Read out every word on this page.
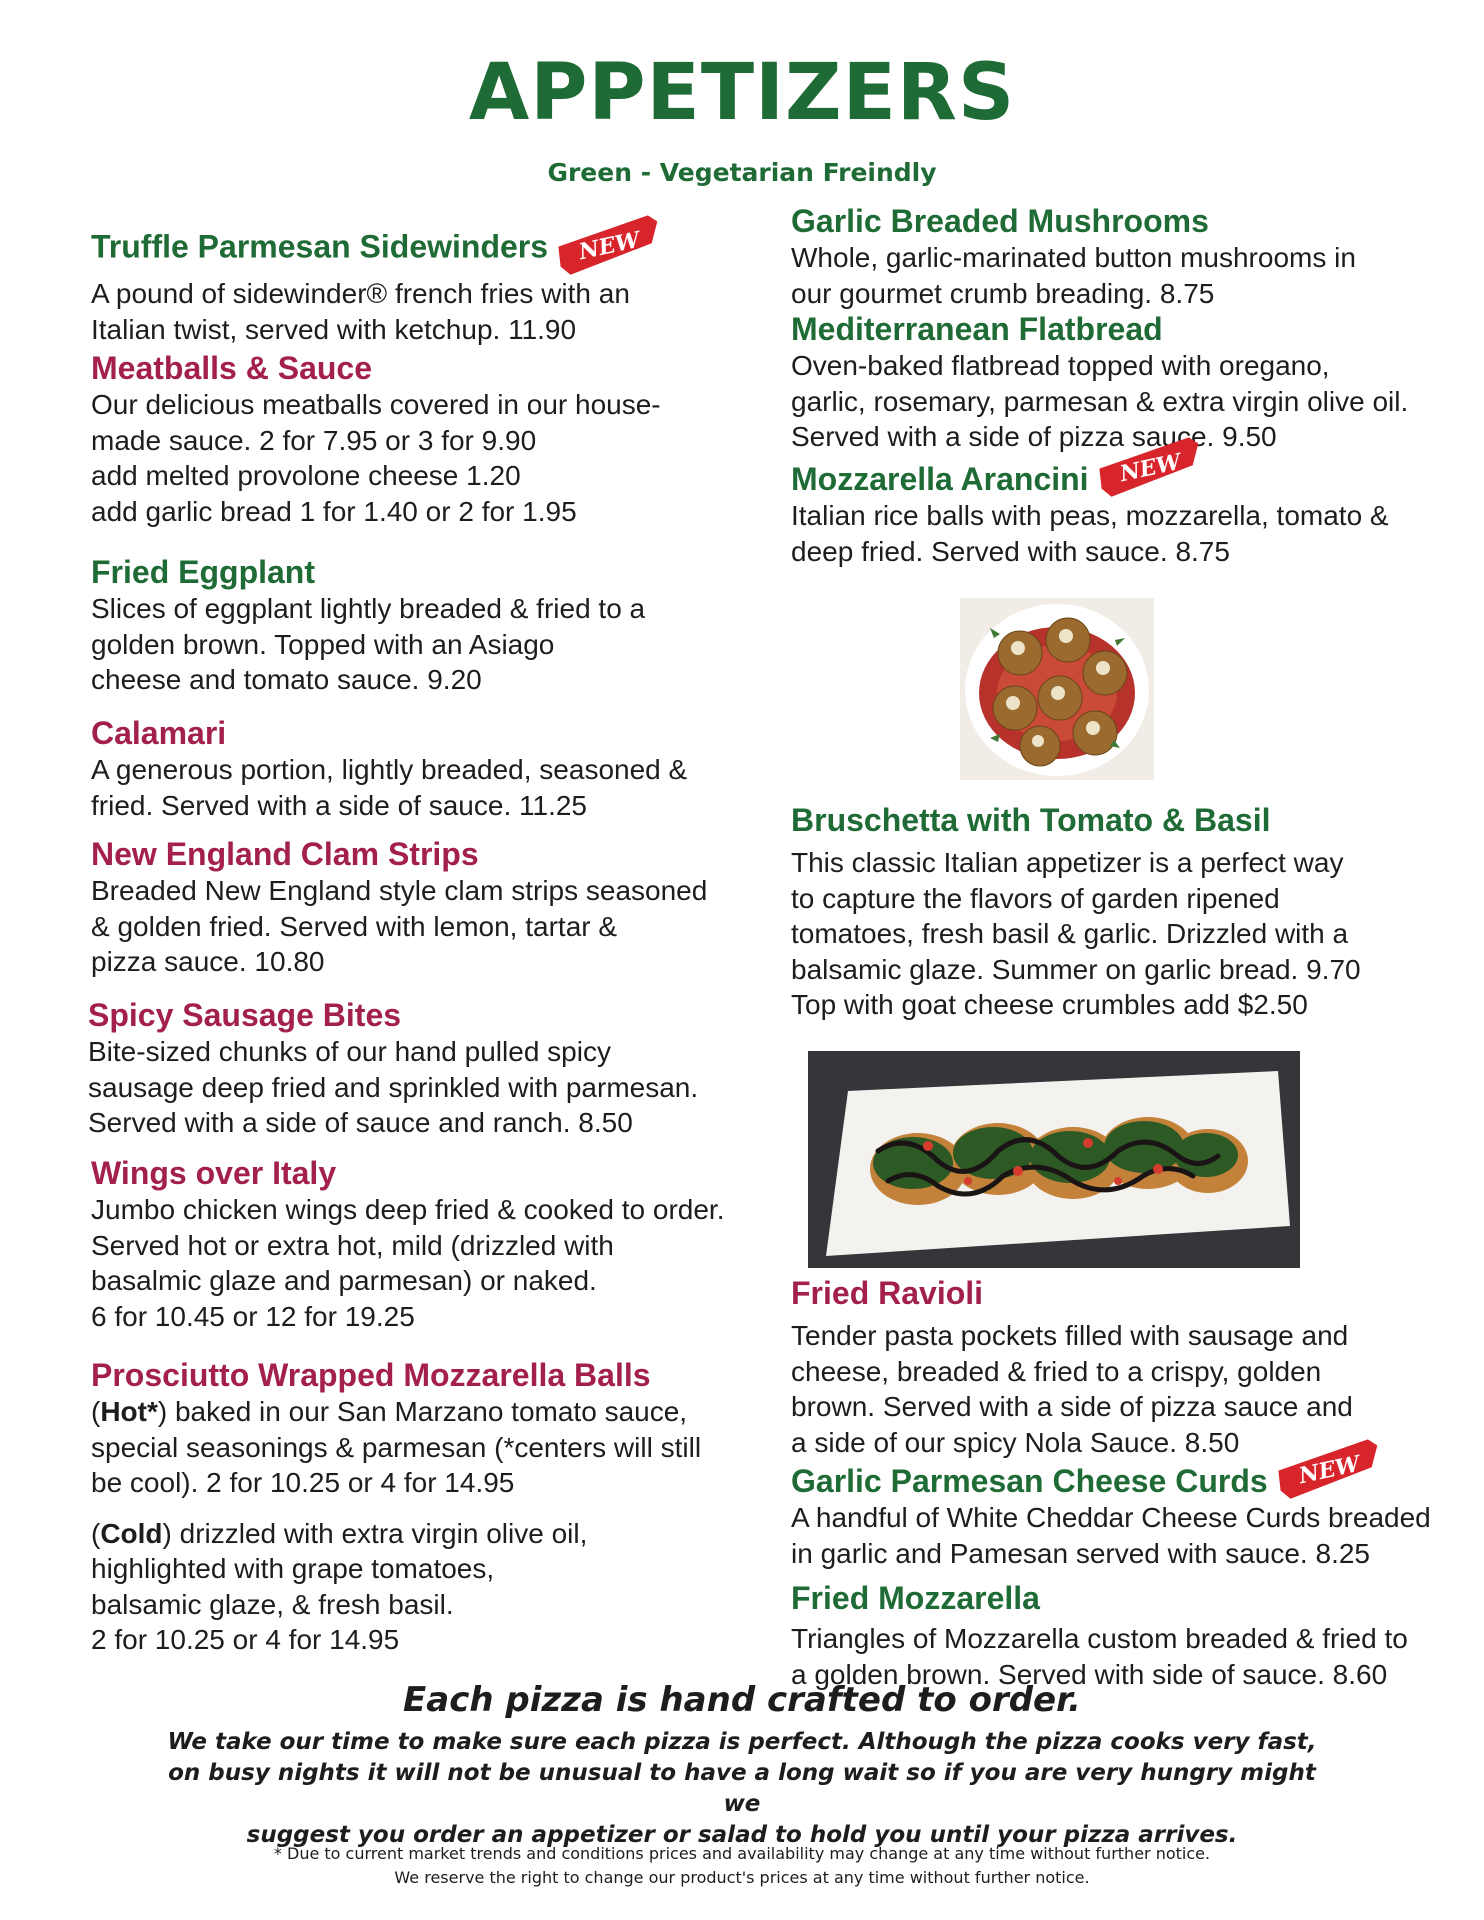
APPETIZERS

Green - Vegetarian Freindly

Truffle Parmesan Sidewinders NEW

A pound of sidewinder® french fries with an
Italian twist, served with ketchup. 11.90

Meatballs & Sauce

Our delicious meatballs covered in our house-
made sauce. 2 for 7.95 or 3 for 9.90
add melted provolone cheese 1.20
add garlic bread 1 for 1.40 or 2 for 1.95

Fried Eggplant

Slices of eggplant lightly breaded & fried to a
golden brown. Topped with an Asiago
cheese and tomato sauce. 9.20

Calamari

A generous portion, lightly breaded, seasoned &
fried. Served with a side of sauce. 11.25

New England Clam Strips

Breaded New England style clam strips seasoned
& golden fried. Served with lemon, tartar &
pizza sauce. 10.80

Spicy Sausage Bites

Bite-sized chunks of our hand pulled spicy
sausage deep fried and sprinkled with parmesan.
Served with a side of sauce and ranch. 8.50

Wings over Italy

Jumbo chicken wings deep fried & cooked to order.
Served hot or extra hot, mild (drizzled with
basalmic glaze and parmesan) or naked.
6 for 10.45 or 12 for 19.25

Prosciutto Wrapped Mozzarella Balls

(Hot*) baked in our San Marzano tomato sauce,
special seasonings & parmesan (*centers will still
be cool). 2 for 10.25 or 4 for 14.95

(Cold) drizzled with extra virgin olive oil,
highlighted with grape tomatoes,
balsamic glaze, & fresh basil.
2 for 10.25 or 4 for 14.95

Garlic Breaded Mushrooms

Whole, garlic-marinated button mushrooms in
our gourmet crumb breading. 8.75

Mediterranean Flatbread

Oven-baked flatbread topped with oregano,
garlic, rosemary, parmesan & extra virgin olive oil.
Served with a side of pizza sauce. 9.50

Mozzarella Arancini NEW

Italian rice balls with peas, mozzarella, tomato &
deep fried. Served with sauce. 8.75

Bruschetta with Tomato & Basil

This classic Italian appetizer is a perfect way
to capture the flavors of garden ripened
tomatoes, fresh basil & garlic. Drizzled with a
balsamic glaze. Summer on garlic bread. 9.70
Top with goat cheese crumbles add $2.50

Fried Ravioli

Tender pasta pockets filled with sausage and
cheese, breaded & fried to a crispy, golden
brown. Served with a side of pizza sauce and
a side of our spicy Nola Sauce. 8.50

Garlic Parmesan Cheese Curds NEW

A handful of White Cheddar Cheese Curds breaded
in garlic and Pamesan served with sauce. 8.25

Fried Mozzarella

Triangles of Mozzarella custom breaded & fried to
a golden brown. Served with side of sauce. 8.60

Each pizza is hand crafted to order.

We take our time to make sure each pizza is perfect. Although the pizza cooks very fast,
on busy nights it will not be unusual to have a long wait so if you are very hungry might we
suggest you order an appetizer or salad to hold you until your pizza arrives.

* Due to current market trends and conditions prices and availability may change at any time without further notice.

We reserve the right to change our product's prices at any time without further notice.
